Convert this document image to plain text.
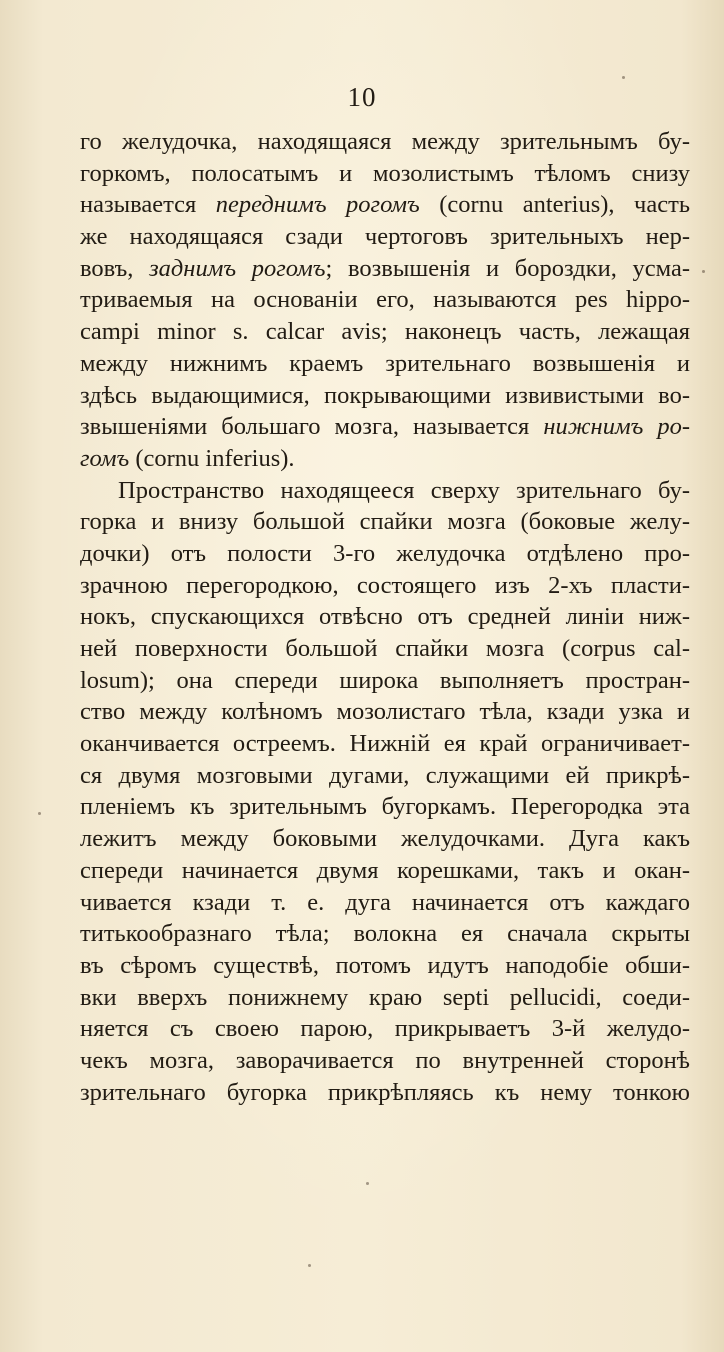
10
го желудочка, находящаяся между зрительнымъ бу-
горкомъ, полосатымъ и мозолистымъ тѣломъ снизу
называется переднимъ рогомъ (cornu anterius), часть
же находящаяся сзади чертоговъ зрительныхъ нер-
вовъ, заднимъ рогомъ; возвышенія и бороздки, усма-
триваемыя на основаніи его, называются pes hippo-
campi minor s. calcar avis; наконецъ часть, лежащая
между нижнимъ краемъ зрительнаго возвышенія и
здѣсь выдающимися, покрывающими извивистыми во-
звышеніями большаго мозга, называется нижнимъ ро-
гомъ (cornu inferius).
Пространство находящееся сверху зрительнаго бу-
горка и внизу большой спайки мозга (боковые желу-
дочки) отъ полости 3-го желудочка отдѣлено про-
зрачною перегородкою, состоящего изъ 2-хъ пласти-
нокъ, спускающихся отвѣсно отъ средней линіи ниж-
ней поверхности большой спайки мозга (corpus cal-
losum); она спереди широка выполняетъ простран-
ство между колѣномъ мозолистаго тѣла, кзади узка и
оканчивается остреемъ. Нижній ея край ограничивает-
ся двумя мозговыми дугами, служащими ей прикрѣ-
пленіемъ къ зрительнымъ бугоркамъ. Перегородка эта
лежитъ между боковыми желудочками. Дуга какъ
спереди начинается двумя корешками, такъ и окан-
чивается кзади т. е. дуга начинается отъ каждаго
титькообразнаго тѣла; волокна ея сначала скрыты
въ сѣромъ существѣ, потомъ идутъ наподобіе обши-
вки вверхъ понижнему краю septi pellucidi, соеди-
няется съ своею парою, прикрываетъ 3-й желудо-
чекъ мозга, заворачивается по внутренней сторонѣ
зрительнаго бугорка прикрѣпляясь къ нему тонкою
